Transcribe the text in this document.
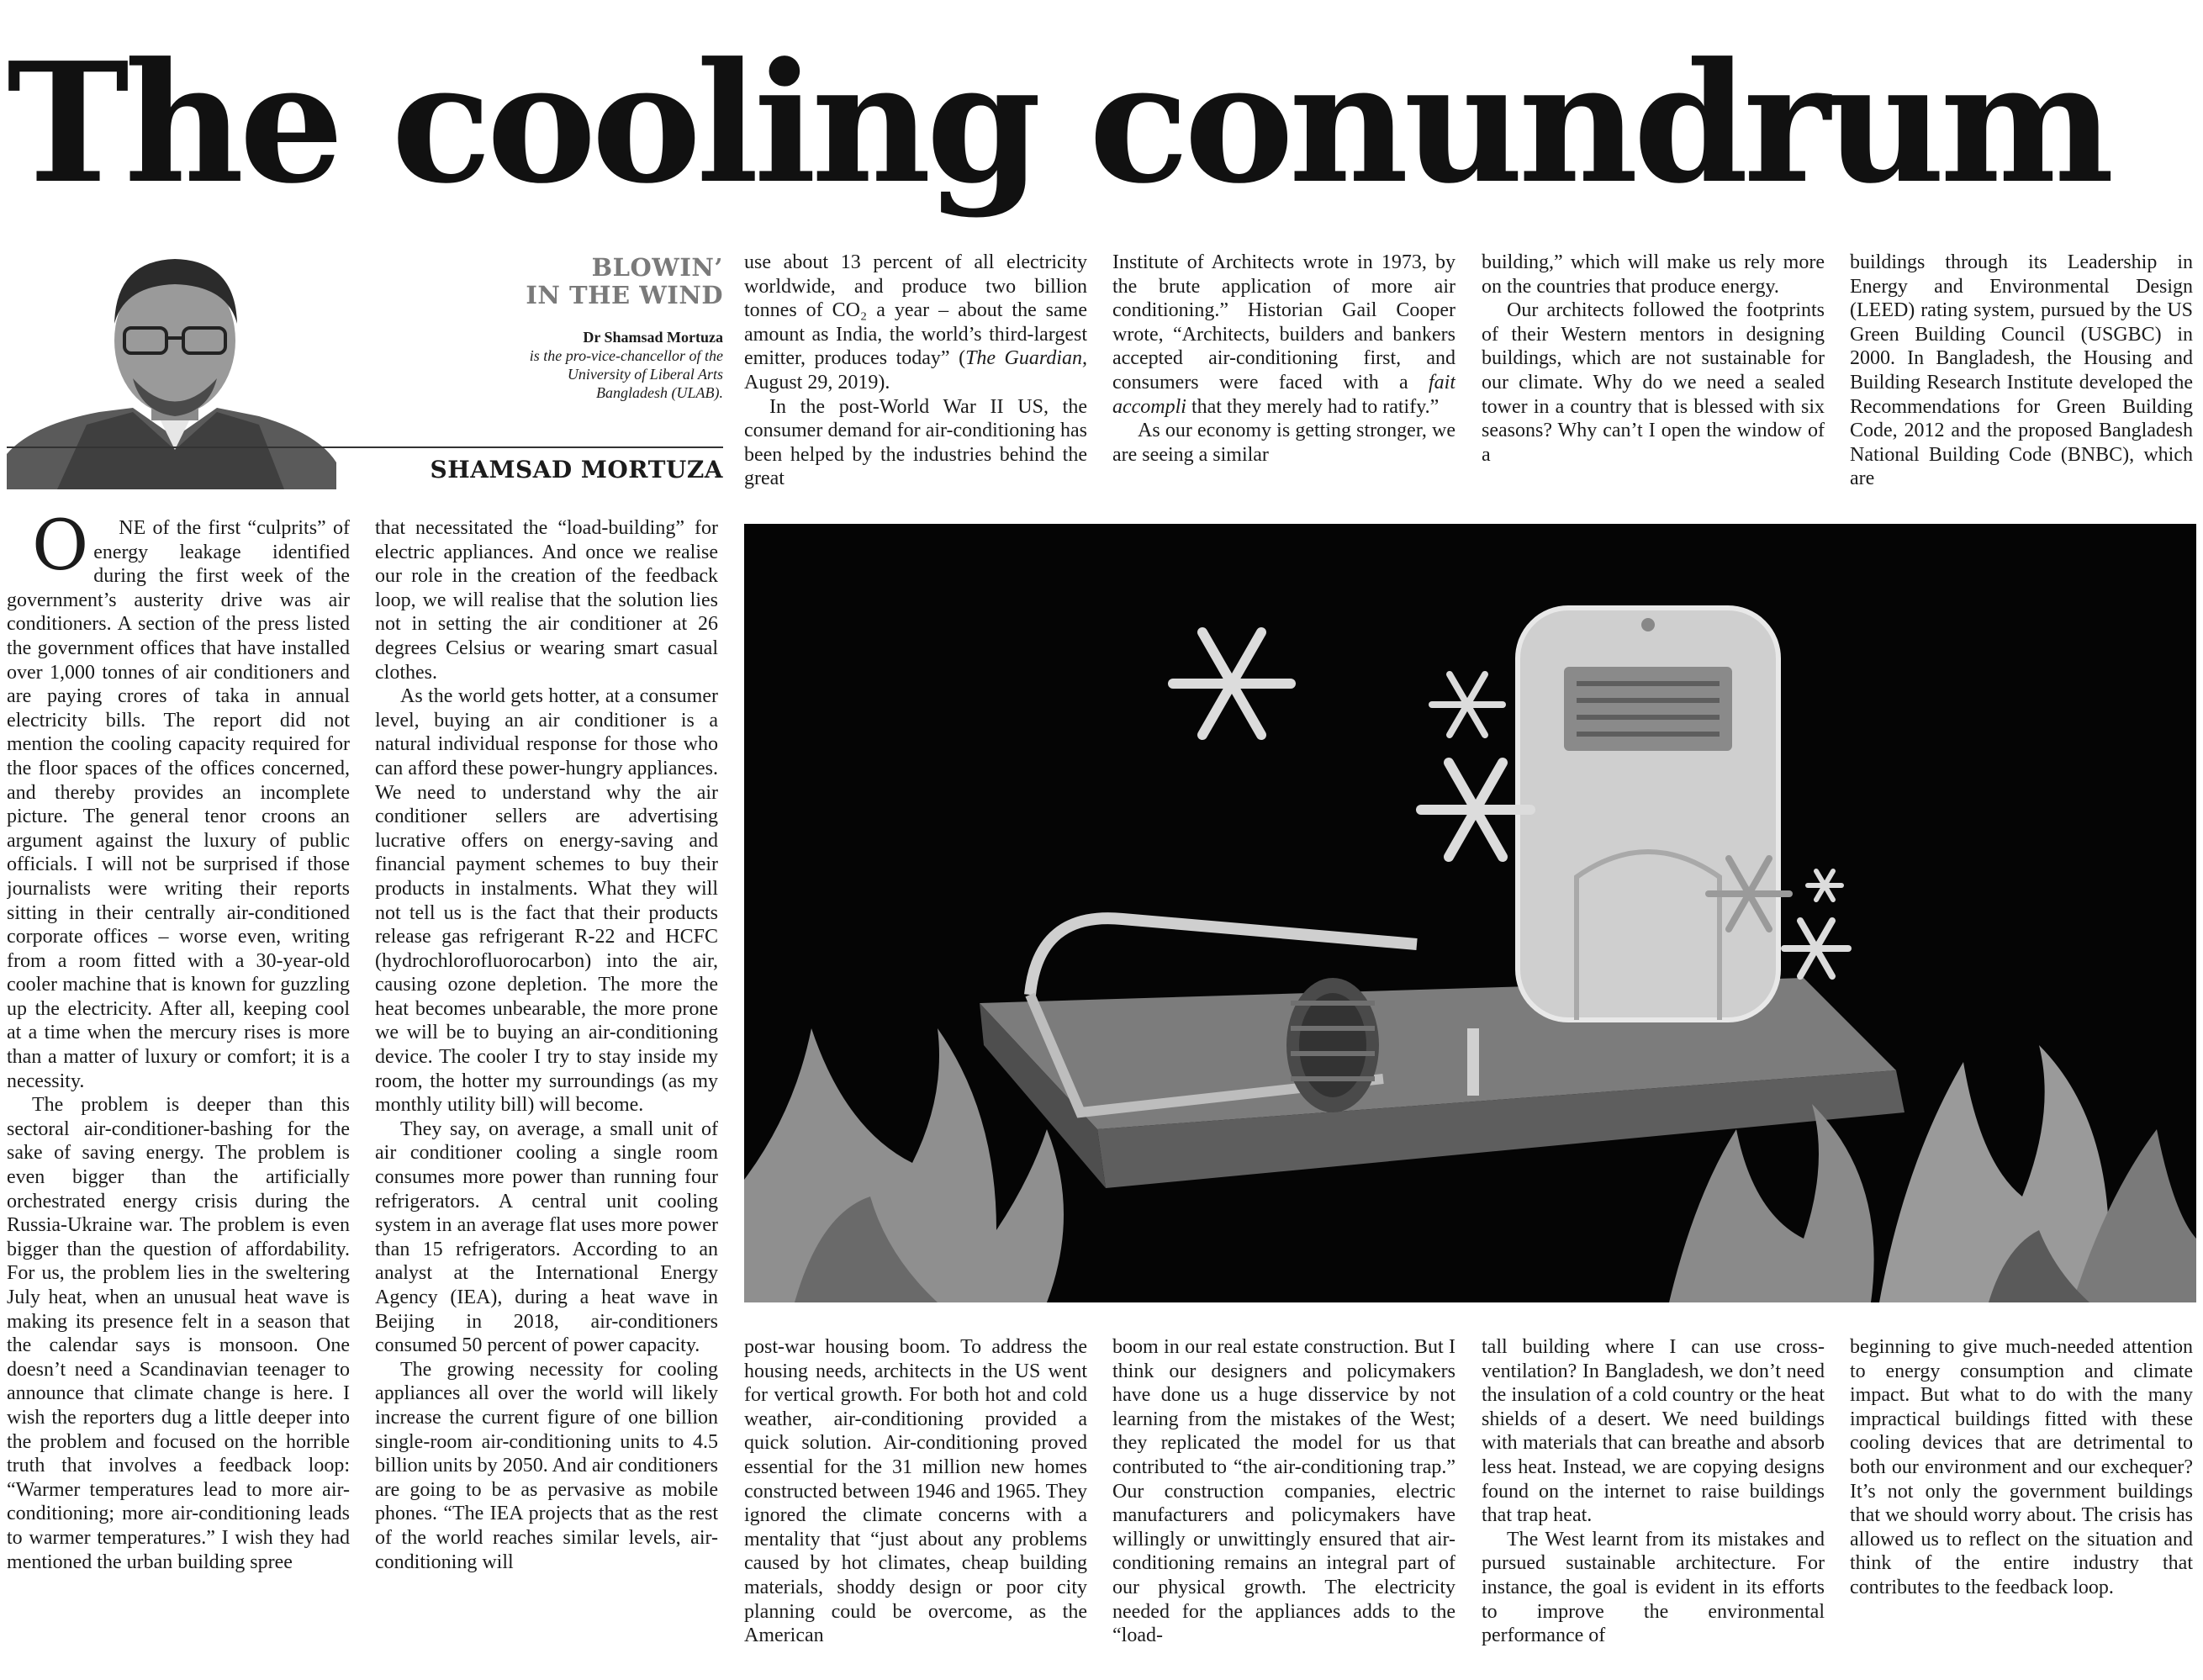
The cooling conundrum
BLOWIN’
IN THE WIND
Dr Shamsad Mortuza
is the pro-vice-chancellor of the University of Liberal Arts Bangladesh (ULAB).
SHAMSAD MORTUZA

ONE of the first “culprits” of energy leakage identified during the first week of the government’s austerity drive was air conditioners. A section of the press listed the government offices that have installed over 1,000 tonnes of air conditioners and are paying crores of taka in annual electricity bills. The report did not mention the cooling capacity required for the floor spaces of the offices concerned, and thereby provides an incomplete picture. The general tenor croons an argument against the luxury of public officials. I will not be surprised if those journalists were writing their reports sitting in their centrally air-conditioned corporate offices – worse even, writing from a room fitted with a 30-year-old cooler machine that is known for guzzling up the electricity. After all, keeping cool at a time when the mercury rises is more than a matter of luxury or comfort; it is a necessity.

The problem is deeper than this sectoral air-conditioner-bashing for the sake of saving energy. The problem is even bigger than the artificially orchestrated energy crisis during the Russia-Ukraine war. The problem is even bigger than the question of affordability. For us, the problem lies in the sweltering July heat, when an unusual heat wave is making its presence felt in a season that the calendar says is monsoon. One doesn’t need a Scandinavian teenager to announce that climate change is here. I wish the reporters dug a little deeper into the problem and focused on the horrible truth that involves a feedback loop: “Warmer temperatures lead to more air-conditioning; more air-conditioning leads to warmer temperatures.” I wish they had mentioned the urban building spree

that necessitated the “load-building” for electric appliances. And once we realise our role in the creation of the feedback loop, we will realise that the solution lies not in setting the air conditioner at 26 degrees Celsius or wearing smart casual clothes.

As the world gets hotter, at a consumer level, buying an air conditioner is a natural individual response for those who can afford these power-hungry appliances. We need to understand why the air conditioner sellers are advertising lucrative offers on energy-saving and financial payment schemes to buy their products in instalments. What they will not tell us is the fact that their products release gas refrigerant R-22 and HCFC (hydrochlorofluorocarbon) into the air, causing ozone depletion. The more the heat becomes unbearable, the more prone we will be to buying an air-conditioning device. The cooler I try to stay inside my room, the hotter my surroundings (as my monthly utility bill) will become.

They say, on average, a small unit of air conditioner cooling a single room consumes more power than running four refrigerators. A central unit cooling system in an average flat uses more power than 15 refrigerators. According to an analyst at the International Energy Agency (IEA), during a heat wave in Beijing in 2018, air-conditioners consumed 50 percent of power capacity.

The growing necessity for cooling appliances all over the world will likely increase the current figure of one billion single-room air-conditioning units to 4.5 billion units by 2050. And air conditioners are going to be as pervasive as mobile phones. “The IEA projects that as the rest of the world reaches similar levels, air-conditioning will

use about 13 percent of all electricity worldwide, and produce two billion tonnes of CO₂ a year – about the same amount as India, the world’s third-largest emitter, produces today” (The Guardian, August 29, 2019).

In the post-World War II US, the consumer demand for air-conditioning has been helped by the industries behind the great

Institute of Architects wrote in 1973, by the brute application of more air conditioning.” Historian Gail Cooper wrote, “Architects, builders and bankers accepted air-conditioning first, and consumers were faced with a fait accompli that they merely had to ratify.”

As our economy is getting stronger, we are seeing a similar

building,” which will make us rely more on the countries that produce energy.

Our architects followed the footprints of their Western mentors in designing buildings, which are not sustainable for our climate. Why do we need a sealed tower in a country that is blessed with six seasons? Why can’t I open the window of a

buildings through its Leadership in Energy and Environmental Design (LEED) rating system, pursued by the US Green Building Council (USGBC) in 2000. In Bangladesh, the Housing and Building Research Institute developed the Recommendations for Green Building Code, 2012 and the proposed Bangladesh National Building Code (BNBC), which are

post-war housing boom. To address the housing needs, architects in the US went for vertical growth. For both hot and cold weather, air-conditioning provided a quick solution. Air-conditioning proved essential for the 31 million new homes constructed between 1946 and 1965. They ignored the climate concerns with a mentality that “just about any problems caused by hot climates, cheap building materials, shoddy design or poor city planning could be overcome, as the American

boom in our real estate construction. But I think our designers and policymakers have done us a huge disservice by not learning from the mistakes of the West; they replicated the model for us that contributed to “the air-conditioning trap.” Our construction companies, electric manufacturers and policymakers have willingly or unwittingly ensured that air-conditioning remains an integral part of our physical growth. The electricity needed for the appliances adds to the “load-

tall building where I can use cross-ventilation? In Bangladesh, we don’t need the insulation of a cold country or the heat shields of a desert. We need buildings with materials that can breathe and absorb less heat. Instead, we are copying designs found on the internet to raise buildings that trap heat.

The West learnt from its mistakes and pursued sustainable architecture. For instance, the goal is evident in its efforts to improve the environmental performance of

beginning to give much-needed attention to energy consumption and climate impact. But what to do with the many impractical buildings fitted with these cooling devices that are detrimental to both our environment and our exchequer? It’s not only the government buildings that we should worry about. The crisis has allowed us to reflect on the situation and think of the entire industry that contributes to the feedback loop.
